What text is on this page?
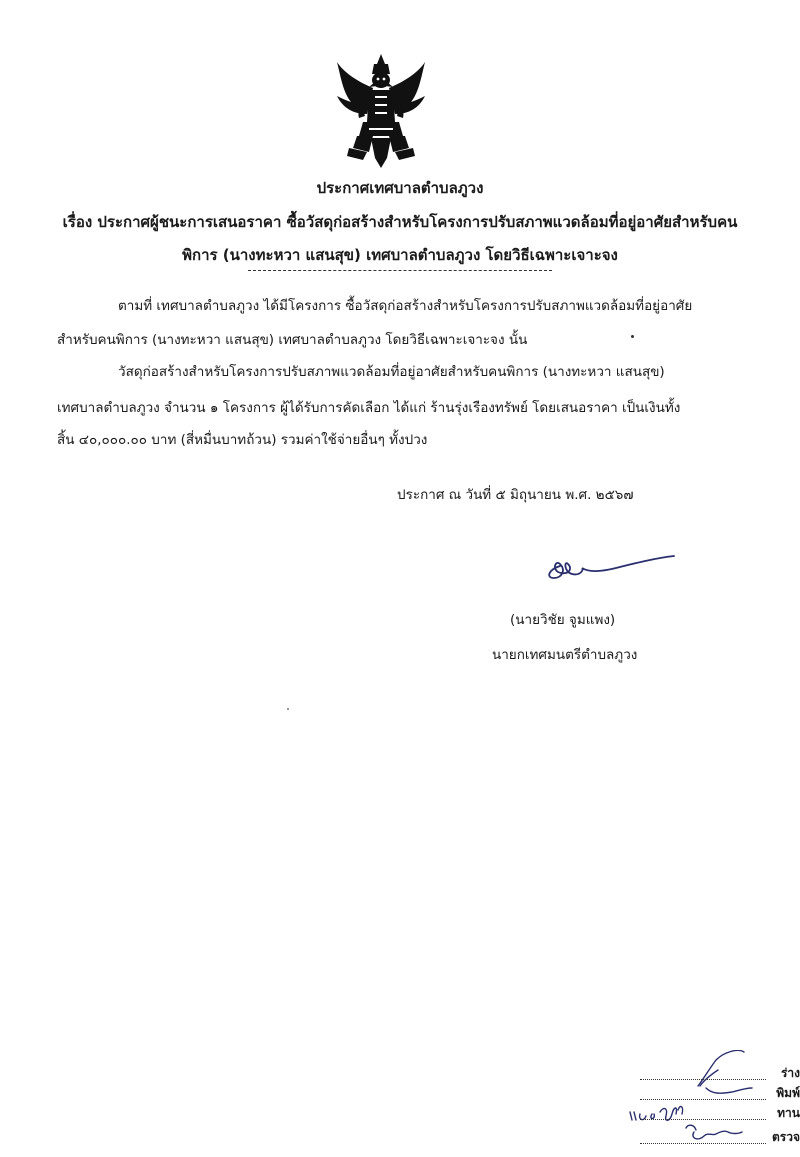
ประกาศเทศบาลตำบลภูวง
เรื่อง ประกาศผู้ชนะการเสนอราคา ซื้อวัสดุก่อสร้างสำหรับโครงการปรับสภาพแวดล้อมที่อยู่อาศัยสำหรับคน
พิการ (นางทะหวา แสนสุข) เทศบาลตำบลภูวง โดยวิธีเฉพาะเจาะจง
ตามที่ เทศบาลตำบลภูวง ได้มีโครงการ ซื้อวัสดุก่อสร้างสำหรับโครงการปรับสภาพแวดล้อมที่อยู่อาศัย
สำหรับคนพิการ (นางทะหวา แสนสุข) เทศบาลตำบลภูวง โดยวิธีเฉพาะเจาะจง นั้น
วัสดุก่อสร้างสำหรับโครงการปรับสภาพแวดล้อมที่อยู่อาศัยสำหรับคนพิการ (นางทะหวา แสนสุข)
เทศบาลตำบลภูวง จำนวน ๑ โครงการ ผู้ได้รับการคัดเลือก ได้แก่ ร้านรุ่งเรืองทรัพย์ โดยเสนอราคา เป็นเงินทั้ง
สิ้น ๔๐,๐๐๐.๐๐ บาท (สี่หมื่นบาทถ้วน) รวมค่าใช้จ่ายอื่นๆ ทั้งปวง
ประกาศ ณ วันที่ ๕ มิถุนายน พ.ศ. ๒๕๖๗
(นายวิชัย จูมแพง)
นายกเทศมนตรีตำบลภูวง
ร่าง
พิมพ์
ทาน
ตรวจ
